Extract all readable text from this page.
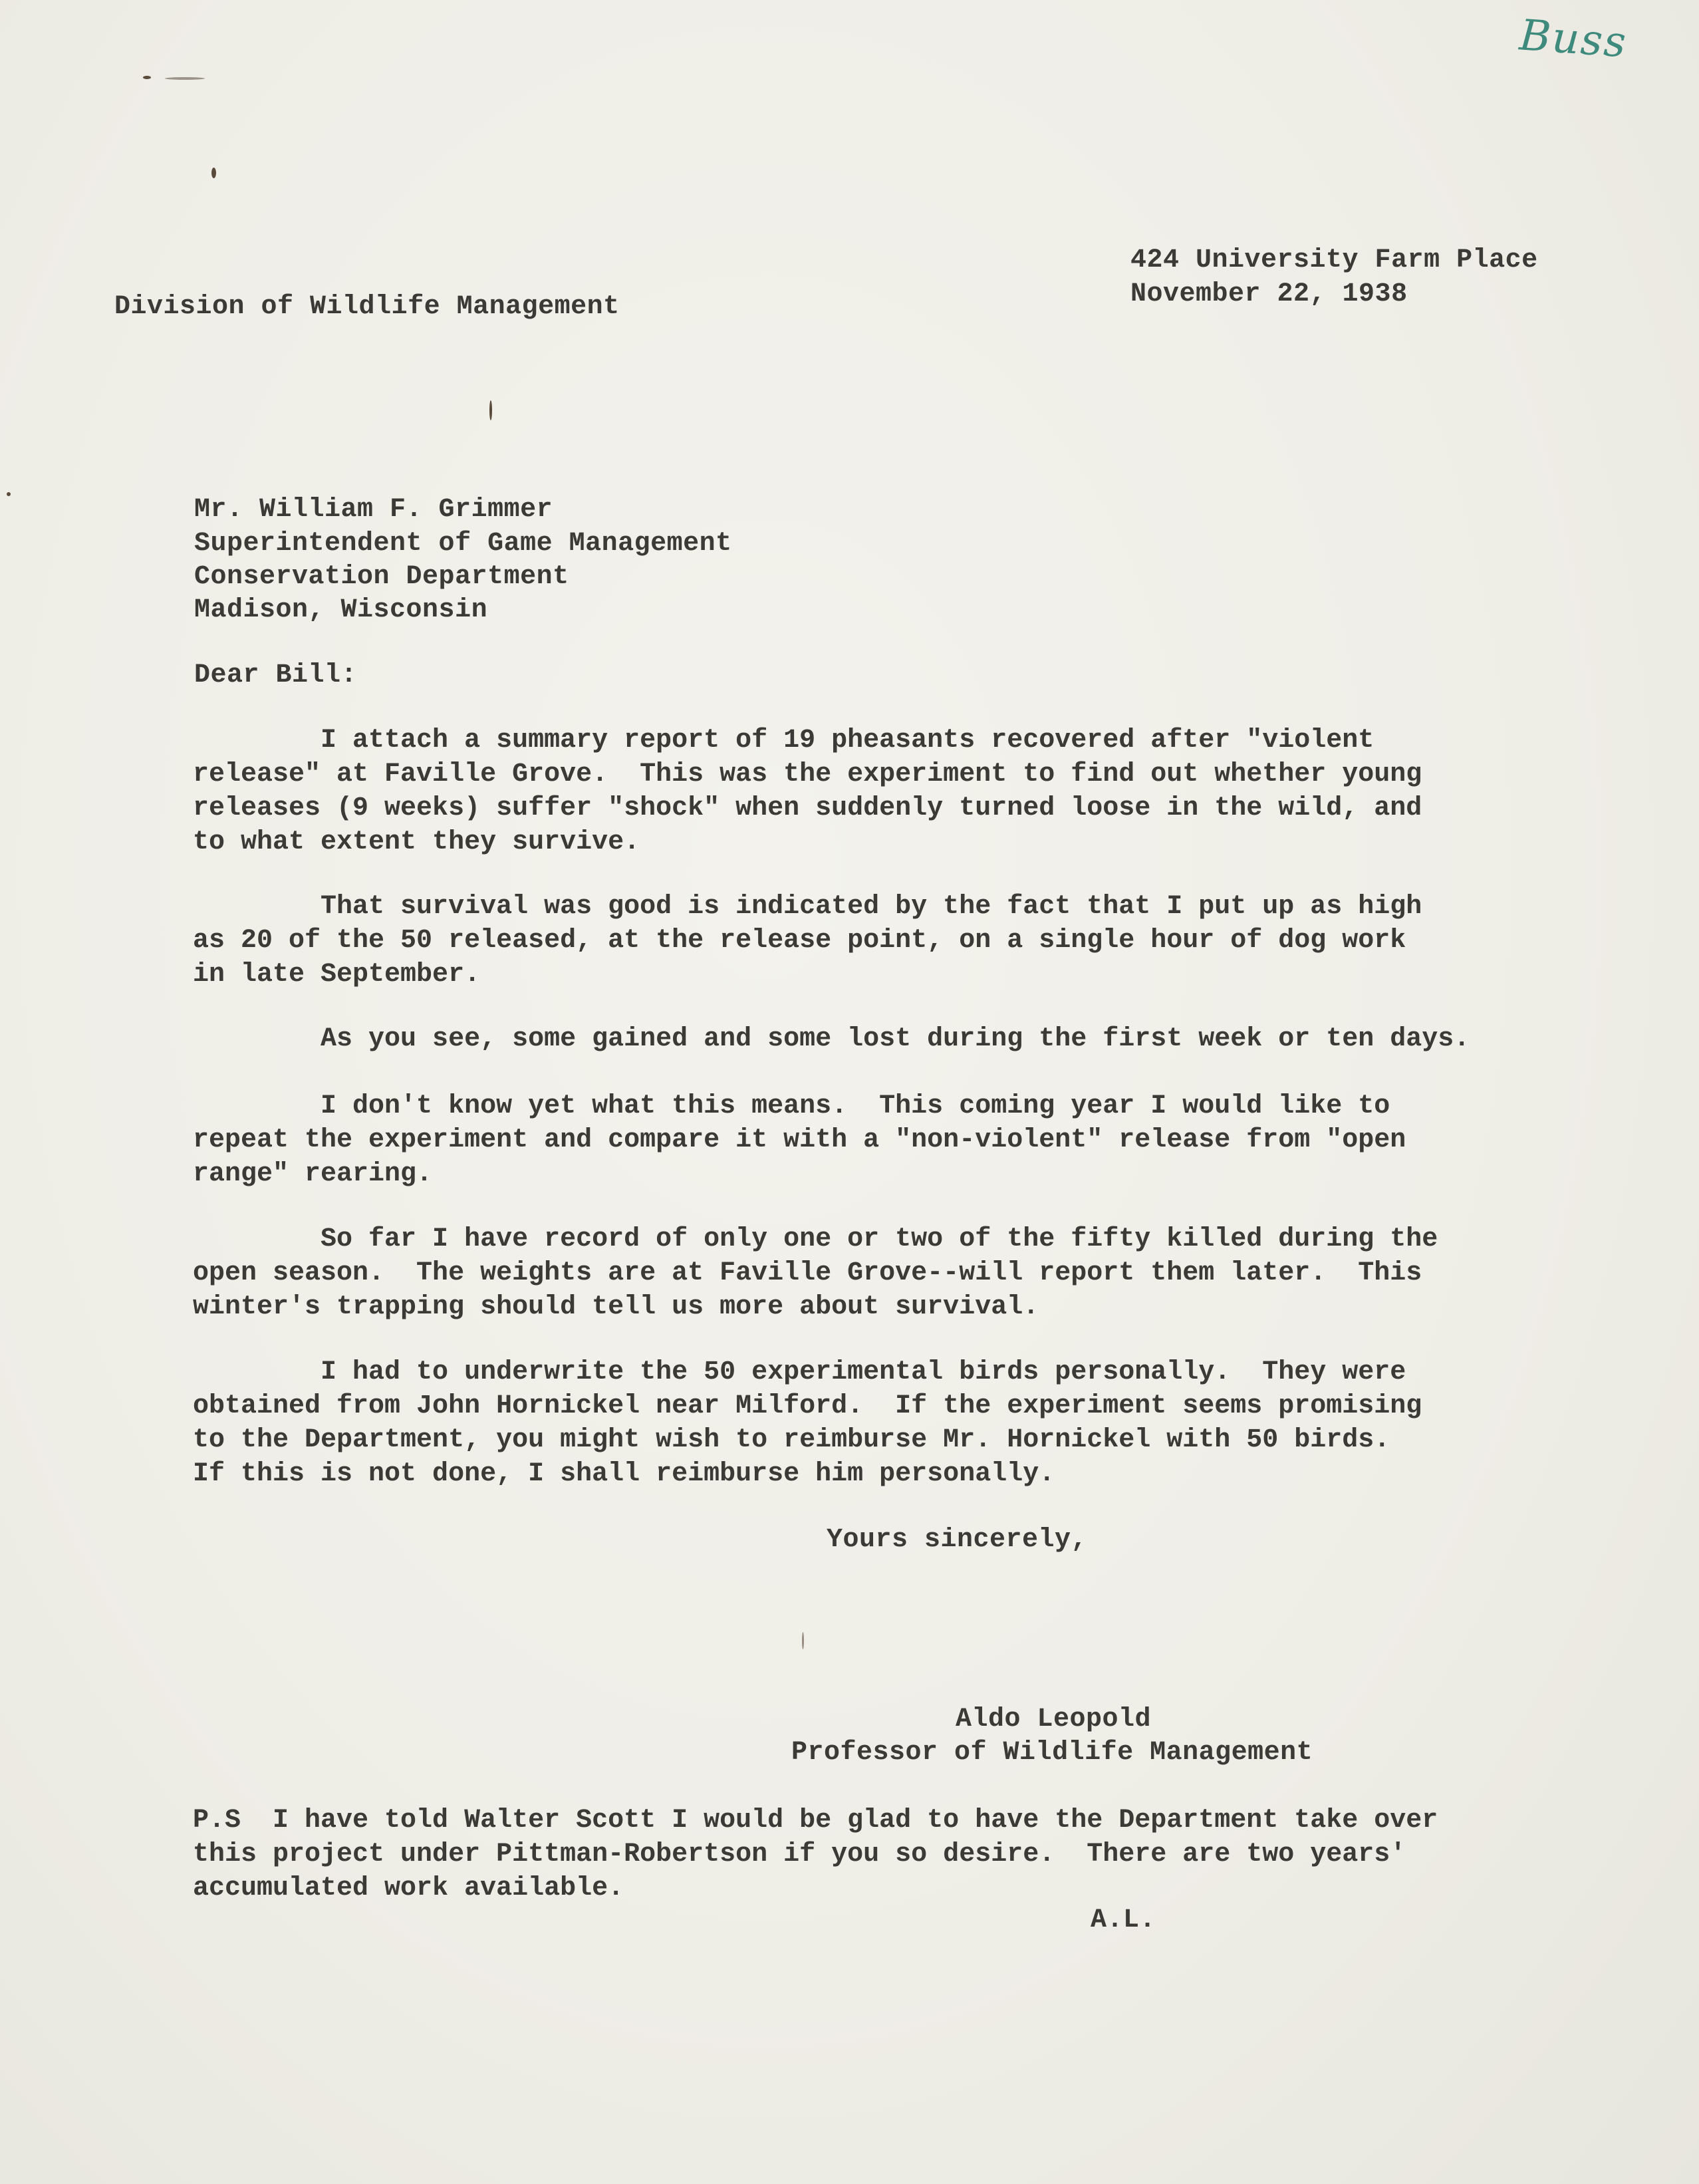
Buss
424 University Farm Place
November 22, 1938
Division of Wildlife Management
Mr. William F. Grimmer
Superintendent of Game Management
Conservation Department
Madison, Wisconsin
Dear Bill:
I attach a summary report of 19 pheasants recovered after "violent
release" at Faville Grove.  This was the experiment to find out whether young
releases (9 weeks) suffer "shock" when suddenly turned loose in the wild, and
to what extent they survive.
That survival was good is indicated by the fact that I put up as high
as 20 of the 50 released, at the release point, on a single hour of dog work
in late September.
As you see, some gained and some lost during the first week or ten days.
I don't know yet what this means.  This coming year I would like to
repeat the experiment and compare it with a "non-violent" release from "open
range" rearing.
So far I have record of only one or two of the fifty killed during the
open season.  The weights are at Faville Grove--will report them later.  This
winter's trapping should tell us more about survival.
I had to underwrite the 50 experimental birds personally.  They were
obtained from John Hornickel near Milford.  If the experiment seems promising
to the Department, you might wish to reimburse Mr. Hornickel with 50 birds.
If this is not done, I shall reimburse him personally.
Yours sincerely,
Aldo Leopold
Professor of Wildlife Management
P.S  I have told Walter Scott I would be glad to have the Department take over
this project under Pittman-Robertson if you so desire.  There are two years'
accumulated work available.
A.L.
